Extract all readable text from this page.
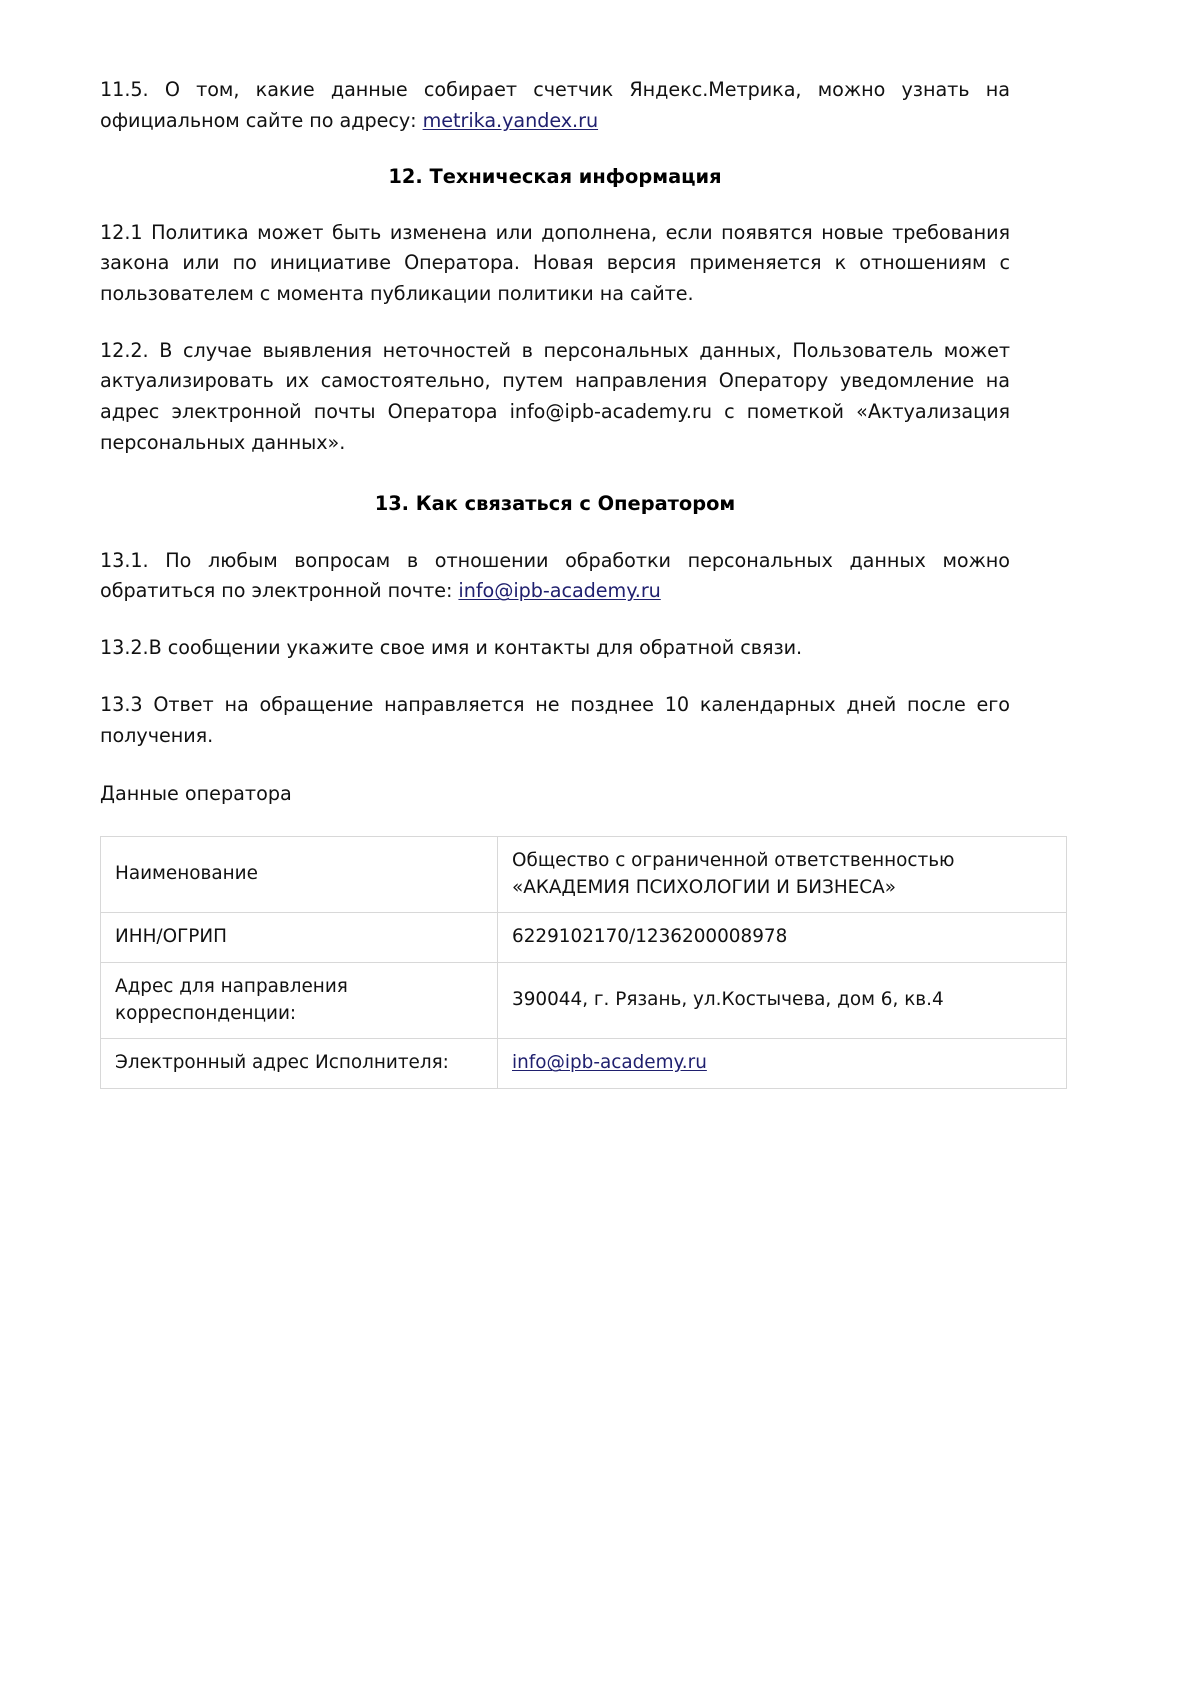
11.5. О том, какие данные собирает счетчик Яндекс.Метрика, можно узнать на официальном сайте по адресу: metrika.yandex.ru

12. Техническая информация

12.1 Политика может быть изменена или дополнена, если появятся новые требования закона или по инициативе Оператора. Новая версия применяется к отношениям с пользователем с момента публикации политики на сайте.

12.2. В случае выявления неточностей в персональных данных, Пользователь может актуализировать их самостоятельно, путем направления Оператору уведомление на адрес электронной почты Оператора info@ipb-academy.ru с пометкой «Актуализация персональных данных».

13. Как связаться с Оператором

13.1. По любым вопросам в отношении обработки персональных данных можно обратиться по электронной почте: info@ipb-academy.ru

13.2.В сообщении укажите свое имя и контакты для обратной связи.

13.3 Ответ на обращение направляется не позднее 10 календарных дней после его получения.

Данные оператора

Наименование	Общество с ограниченной ответственностью
«АКАДЕМИЯ ПСИХОЛОГИИ И БИЗНЕСА»

ИНН/ОГРИП	6229102170/1236200008978

Адрес для направления
корреспонденции:	390044, г. Рязань, ул.Костычева, дом 6, кв.4

Электронный адрес Исполнителя:	info@ipb-academy.ru
